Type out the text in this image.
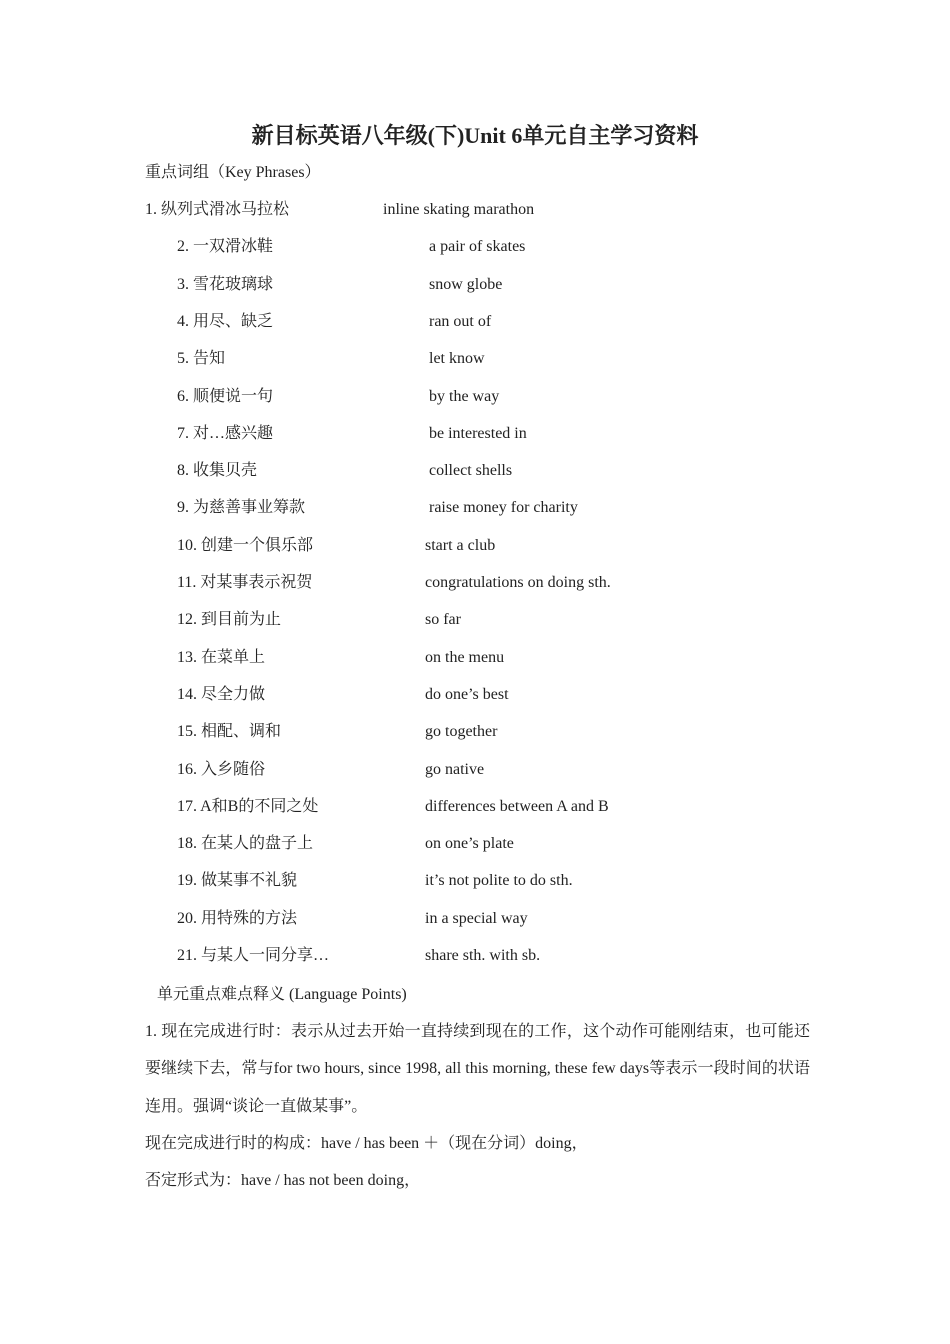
新目标英语八年级(下)Unit 6单元自主学习资料
重点词组（Key Phrases）
1. 纵列式滑冰马拉松	inline skating marathon
2. 一双滑冰鞋	a pair of skates
3. 雪花玻璃球	snow globe
4. 用尽、缺乏	ran out of
5. 告知	let know
6. 顺便说一句	by the way
7. 对…感兴趣	be interested in
8. 收集贝壳	collect shells
9. 为慈善事业筹款	raise money for charity
10. 创建一个俱乐部	start a club
11. 对某事表示祝贺	congratulations on doing sth.
12. 到目前为止	so far
13. 在菜单上	on the menu
14. 尽全力做	do one’s best
15. 相配、调和	go together
16. 入乡随俗	go native
17. A和B的不同之处	differences between A and B
18. 在某人的盘子上	on one’s plate
19. 做某事不礼貌	it’s not polite to do sth.
20. 用特殊的方法	in a special way
21. 与某人一同分享…	share sth. with sb.
单元重点难点释义 (Language Points)
1. 现在完成进行时：表示从过去开始一直持续到现在的工作，这个动作可能刚结束，也可能还要继续下去，常与for two hours, since 1998, all this morning, these few days等表示一段时间的状语连用。强调“谈论一直做某事”。
现在完成进行时的构成：have / has been ＋（现在分词）doing，
否定形式为：have / has not been doing，
